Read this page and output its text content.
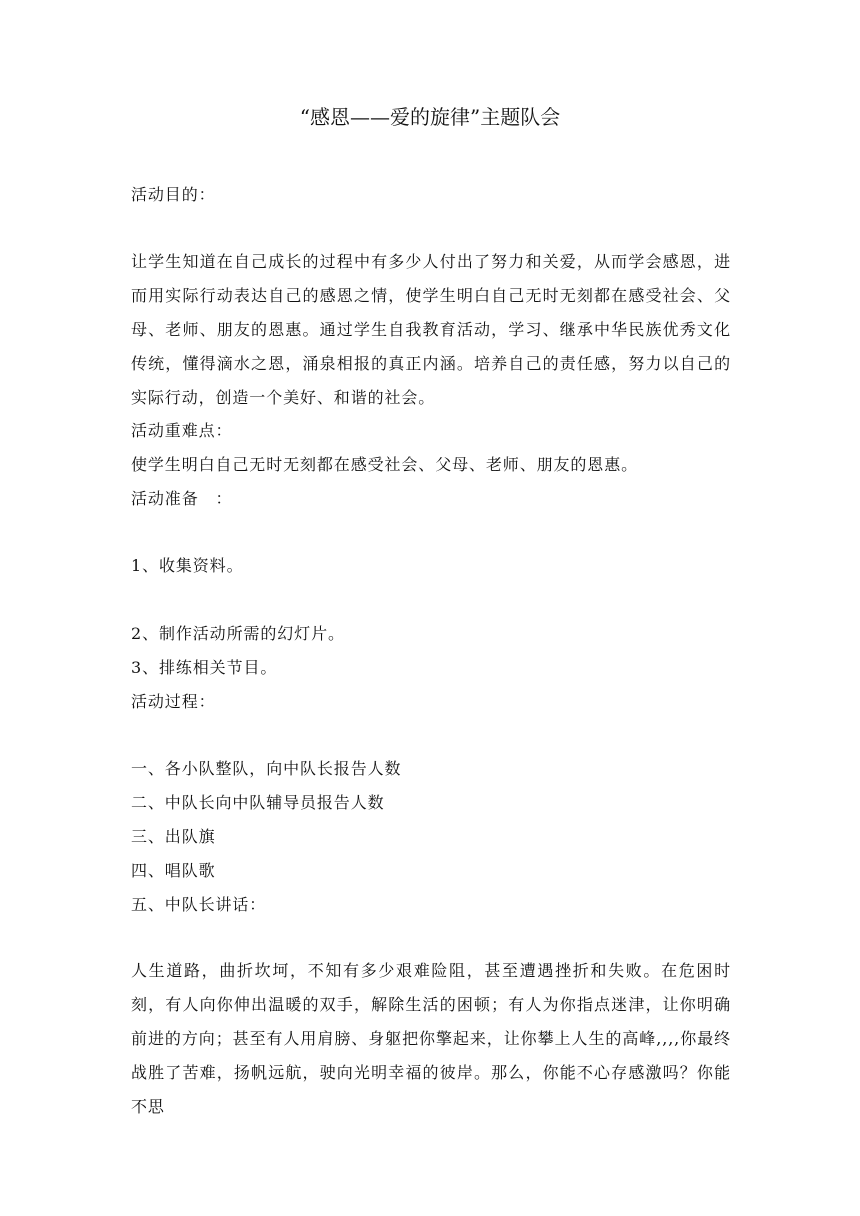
“感恩——爱的旋律”主题队会
活动目的：
让学生知道在自己成长的过程中有多少人付出了努力和关爱，从而学会感恩，进而用实际行动表达自己的感恩之情，使学生明白自己无时无刻都在感受社会、父母、老师、朋友的恩惠。通过学生自我教育活动，学习、继承中华民族优秀文化传统，懂得滴水之恩，涌泉相报的真正内涵。培养自己的责任感，努力以自己的实际行动，创造一个美好、和谐的社会。
活动重难点：
使学生明白自己无时无刻都在感受社会、父母、老师、朋友的恩惠。
活动准备　：
1、收集资料。
2、制作活动所需的幻灯片。
3、排练相关节目。
活动过程：
一、各小队整队，向中队长报告人数
二、中队长向中队辅导员报告人数
三、出队旗
四、唱队歌
五、中队长讲话：
人生道路，曲折坎坷，不知有多少艰难险阻，甚至遭遇挫折和失败。在危困时刻，有人向你伸出温暖的双手，解除生活的困顿；有人为你指点迷津，让你明确前进的方向；甚至有人用肩膀、身躯把你擎起来，让你攀上人生的高峰,,,,你最终战胜了苦难，扬帆远航，驶向光明幸福的彼岸。那么，你能不心存感激吗？你能不思
